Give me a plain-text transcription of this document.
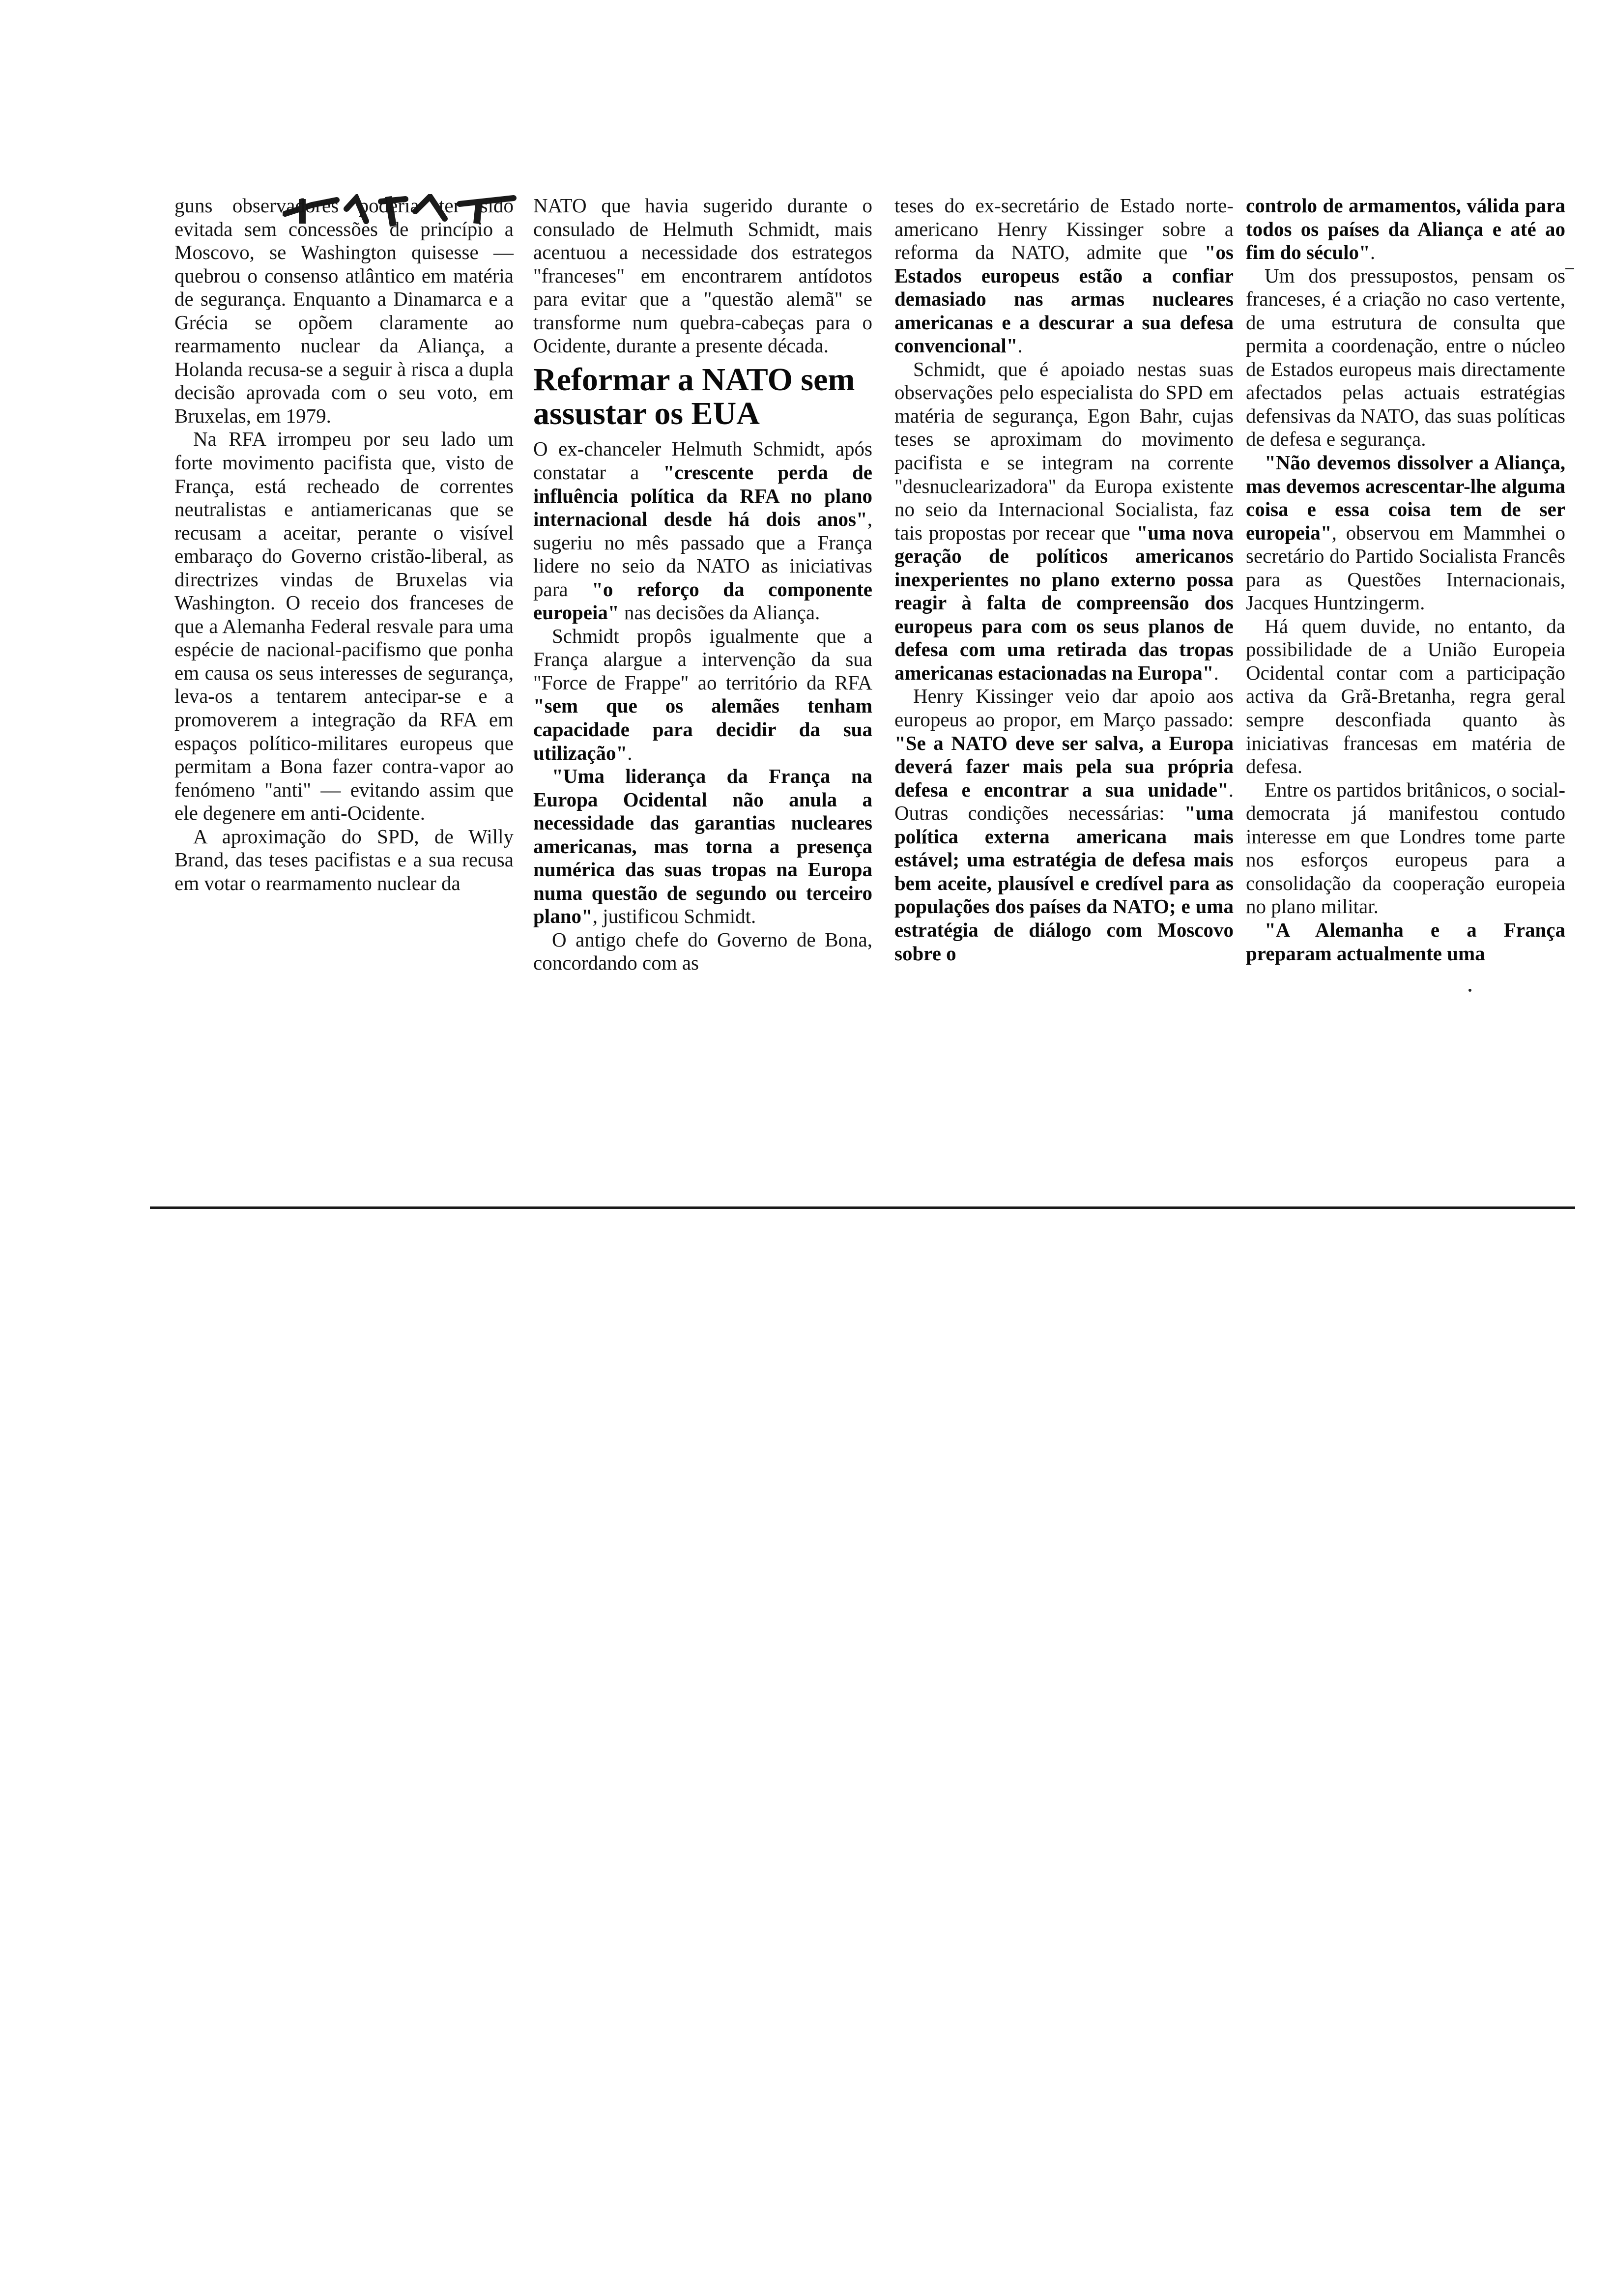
guns observadores poderia ter sido evitada sem concessões de princípio a Moscovo, se Washington quisesse — quebrou o consenso atlântico em matéria de segurança. Enquanto a Dinamarca e a Grécia se opõem claramente ao rearmamento nuclear da Aliança, a Holanda recusa-se a seguir à risca a dupla decisão aprovada com o seu voto, em Bruxelas, em 1979.

Na RFA irrompeu por seu lado um forte movimento pacifista que, visto de França, está recheado de correntes neutralistas e antiamericanas que se recusam a aceitar, perante o visível embaraço do Governo cristão-liberal, as directrizes vindas de Bruxelas via Washington. O receio dos franceses de que a Alemanha Federal resvale para uma espécie de nacional-pacifismo que ponha em causa os seus interesses de segurança, leva-os a tentarem antecipar-se e a promoverem a integração da RFA em espaços político-militares europeus que permitam a Bona fazer contra-vapor ao fenómeno "anti" — evitando assim que ele degenere em anti-Ocidente.

A aproximação do SPD, de Willy Brand, das teses pacifistas e a sua recusa em votar o rearmamento nuclear da

NATO que havia sugerido durante o consulado de Helmuth Schmidt, mais acentuou a necessidade dos estrategos "franceses" em encontrarem antídotos para evitar que a "questão alemã" se transforme num quebra-cabeças para o Ocidente, durante a presente década.

Reformar a NATO sem assustar os EUA

O ex-chanceler Helmuth Schmidt, após constatar a "crescente perda de influência política da RFA no plano internacional desde há dois anos", sugeriu no mês passado que a França lidere no seio da NATO as iniciativas para "o reforço da componente europeia" nas decisões da Aliança.

Schmidt propôs igualmente que a França alargue a intervenção da sua "Force de Frappe" ao território da RFA "sem que os alemães tenham capacidade para decidir da sua utilização".

"Uma liderança da França na Europa Ocidental não anula a necessidade das garantias nucleares americanas, mas torna a presença numérica das suas tropas na Europa numa questão de segundo ou terceiro plano", justificou Schmidt.

O antigo chefe do Governo de Bona, concordando com as

teses do ex-secretário de Estado norte-americano Henry Kissinger sobre a reforma da NATO, admite que "os Estados europeus estão a confiar demasiado nas armas nucleares americanas e a descurar a sua defesa convencional".

Schmidt, que é apoiado nestas suas observações pelo especialista do SPD em matéria de segurança, Egon Bahr, cujas teses se aproximam do movimento pacifista e se integram na corrente "desnuclearizadora" da Europa existente no seio da Internacional Socialista, faz tais propostas por recear que "uma nova geração de políticos americanos inexperientes no plano externo possa reagir à falta de compreensão dos europeus para com os seus planos de defesa com uma retirada das tropas americanas estacionadas na Europa".

Henry Kissinger veio dar apoio aos europeus ao propor, em Março passado: "Se a NATO deve ser salva, a Europa deverá fazer mais pela sua própria defesa e encontrar a sua unidade". Outras condições necessárias: "uma política externa americana mais estável; uma estratégia de defesa mais bem aceite, plausível e credível para as populações dos países da NATO; e uma estratégia de diálogo com Moscovo sobre o

controlo de armamentos, válida para todos os países da Aliança e até ao fim do século".

Um dos pressupostos, pensam os franceses, é a criação no caso vertente, de uma estrutura de consulta que permita a coordenação, entre o núcleo de Estados europeus mais directamente afectados pelas actuais estratégias defensivas da NATO, das suas políticas de defesa e segurança.

"Não devemos dissolver a Aliança, mas devemos acrescentar-lhe alguma coisa e essa coisa tem de ser europeia", observou em Mammhei o secretário do Partido Socialista Francês para as Questões Internacionais, Jacques Huntzingerm.

Há quem duvide, no entanto, da possibilidade de a União Europeia Ocidental contar com a participação activa da Grã-Bretanha, regra geral sempre desconfiada quanto às iniciativas francesas em matéria de defesa.

Entre os partidos britânicos, o social-democrata já manifestou contudo interesse em que Londres tome parte nos esforços europeus para a consolidação da cooperação europeia no plano militar.

"A Alemanha e a França preparam actualmente uma
